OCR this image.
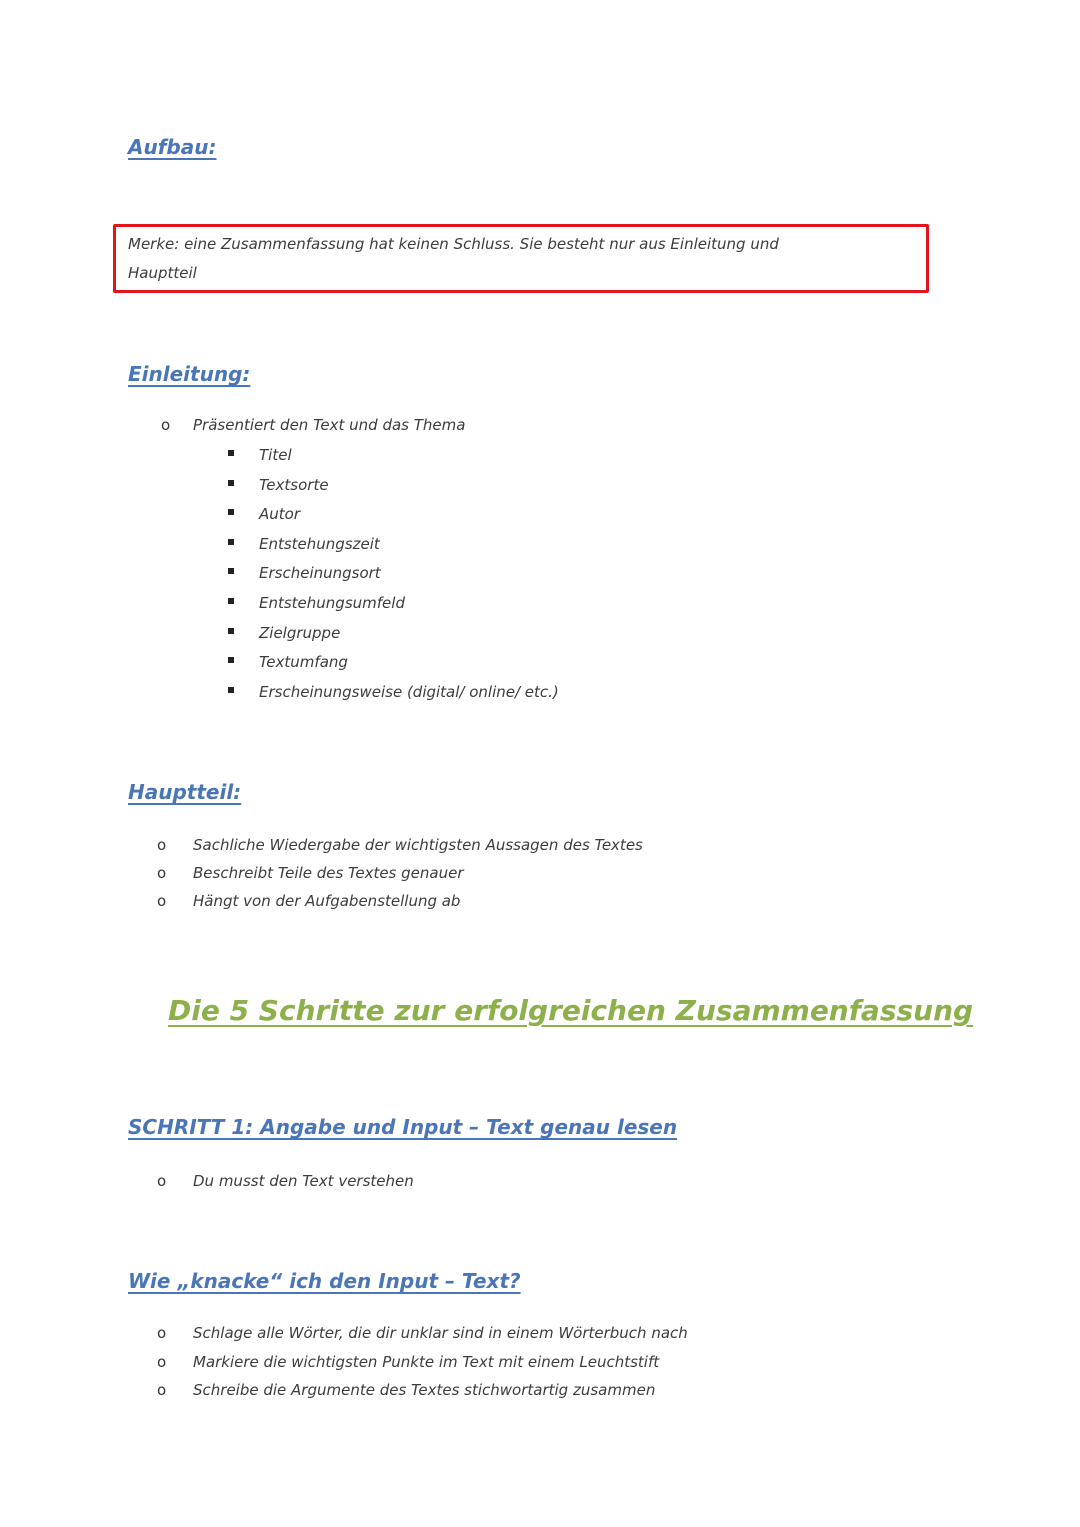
Aufbau:
Merke: eine Zusammenfassung hat keinen Schluss. Sie besteht nur aus Einleitung und
Hauptteil
Einleitung:
o Präsentiert den Text und das Thema
Titel
Textsorte
Autor
Entstehungszeit
Erscheinungsort
Entstehungsumfeld
Zielgruppe
Textumfang
Erscheinungsweise (digital/ online/ etc.)
Hauptteil:
o Sachliche Wiedergabe der wichtigsten Aussagen des Textes
o Beschreibt Teile des Textes genauer
o Hängt von der Aufgabenstellung ab
Die 5 Schritte zur erfolgreichen Zusammenfassung
SCHRITT 1: Angabe und Input – Text genau lesen
o Du musst den Text verstehen
Wie „knacke“ ich den Input – Text?
o Schlage alle Wörter, die dir unklar sind in einem Wörterbuch nach
o Markiere die wichtigsten Punkte im Text mit einem Leuchtstift
o Schreibe die Argumente des Textes stichwortartig zusammen
